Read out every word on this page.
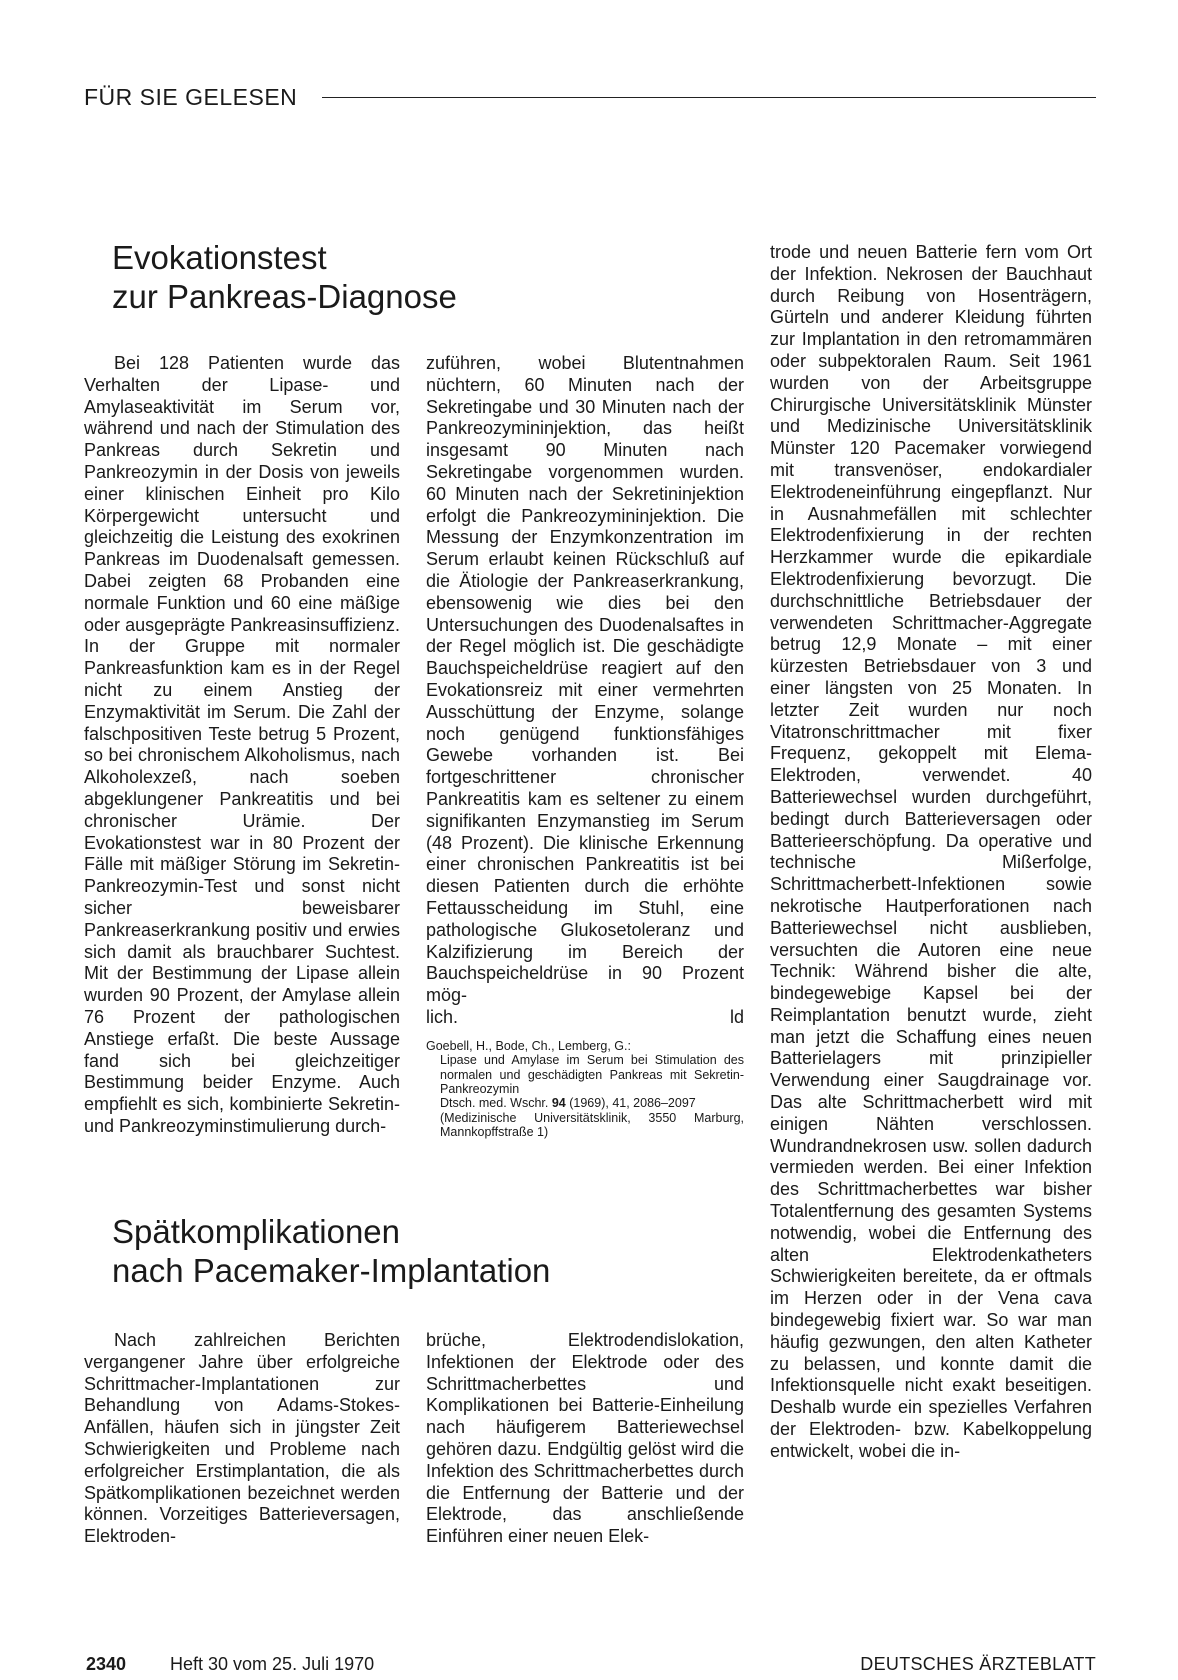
FÜR SIE GELESEN
Evokationstest
zur Pankreas-Diagnose

Bei 128 Patienten wurde das Verhalten der Lipase- und Amylaseaktivität im Serum vor, während und nach der Stimulation des Pankreas durch Sekretin und Pankreozymin in der Dosis von jeweils einer klinischen Einheit pro Kilo Körpergewicht untersucht und gleichzeitig die Leistung des exokrinen Pankreas im Duodenalsaft gemessen. Dabei zeigten 68 Probanden eine normale Funktion und 60 eine mäßige oder ausgeprägte Pankreasinsuffizienz. In der Gruppe mit normaler Pankreasfunktion kam es in der Regel nicht zu einem Anstieg der Enzymaktivität im Serum. Die Zahl der falschpositiven Teste betrug 5 Prozent, so bei chronischem Alkoholismus, nach Alkoholexzeß, nach soeben abgeklungener Pankreatitis und bei chronischer Urämie. Der Evokationstest war in 80 Prozent der Fälle mit mäßiger Störung im Sekretin-Pankreozymin-Test und sonst nicht sicher beweisbarer Pankreaserkrankung positiv und erwies sich damit als brauchbarer Suchtest. Mit der Bestimmung der Lipase allein wurden 90 Prozent, der Amylase allein 76 Prozent der pathologischen Anstiege erfaßt. Die beste Aussage fand sich bei gleichzeitiger Bestimmung beider Enzyme. Auch empfiehlt es sich, kombinierte Sekretin- und Pankreozyminstimulierung durch-

zuführen, wobei Blutentnahmen nüchtern, 60 Minuten nach der Sekretingabe und 30 Minuten nach der Pankreozymininjektion, das heißt insgesamt 90 Minuten nach Sekretingabe vorgenommen wurden. 60 Minuten nach der Sekretininjektion erfolgt die Pankreozymininjektion. Die Messung der Enzymkonzentration im Serum erlaubt keinen Rückschluß auf die Ätiologie der Pankreaserkrankung, ebensowenig wie dies bei den Untersuchungen des Duodenalsaftes in der Regel möglich ist. Die geschädigte Bauchspeicheldrüse reagiert auf den Evokationsreiz mit einer vermehrten Ausschüttung der Enzyme, solange noch genügend funktionsfähiges Gewebe vorhanden ist. Bei fortgeschrittener chronischer Pankreatitis kam es seltener zu einem signifikanten Enzymanstieg im Serum (48 Prozent). Die klinische Erkennung einer chronischen Pankreatitis ist bei diesen Patienten durch die erhöhte Fettausscheidung im Stuhl, eine pathologische Glukosetoleranz und Kalzifizierung im Bereich der Bauchspeicheldrüse in 90 Prozent mög-

lich.	ld

Goebell, H., Bode, Ch., Lemberg, G.:
Lipase und Amylase im Serum bei Stimulation des normalen und geschädigten Pankreas mit Sekretin-Pankreozymin
Dtsch. med. Wschr. 94 (1969), 41, 2086–2097
(Medizinische Universitätsklinik, 3550 Marburg, Mannkopffstraße 1)
Spätkomplikationen
nach Pacemaker-Implantation

Nach zahlreichen Berichten vergangener Jahre über erfolgreiche Schrittmacher-Implantationen zur Behandlung von Adams-Stokes-Anfällen, häufen sich in jüngster Zeit Schwierigkeiten und Probleme nach erfolgreicher Erstimplantation, die als Spätkomplikationen bezeichnet werden können. Vorzeitiges Batterieversagen, Elektroden-

brüche, Elektrodendislokation, Infektionen der Elektrode oder des Schrittmacherbettes und Komplikationen bei Batterie-Einheilung nach häufigerem Batteriewechsel gehören dazu. Endgültig gelöst wird die Infektion des Schrittmacherbettes durch die Entfernung der Batterie und der Elektrode, das anschließende Einführen einer neuen Elek-

trode und neuen Batterie fern vom Ort der Infektion. Nekrosen der Bauchhaut durch Reibung von Hosenträgern, Gürteln und anderer Kleidung führten zur Implantation in den retromammären oder subpektoralen Raum. Seit 1961 wurden von der Arbeitsgruppe Chirurgische Universitätsklinik Münster und Medizinische Universitätsklinik Münster 120 Pacemaker vorwiegend mit transvenöser, endokardialer Elektrodeneinführung eingepflanzt. Nur in Ausnahmefällen mit schlechter Elektrodenfixierung in der rechten Herzkammer wurde die epikardiale Elektrodenfixierung bevorzugt. Die durchschnittliche Betriebsdauer der verwendeten Schrittmacher-Aggregate betrug 12,9 Monate – mit einer kürzesten Betriebsdauer von 3 und einer längsten von 25 Monaten. In letzter Zeit wurden nur noch Vitatronschrittmacher mit fixer Frequenz, gekoppelt mit Elema-Elektroden, verwendet. 40 Batteriewechsel wurden durchgeführt, bedingt durch Batterieversagen oder Batterieerschöpfung. Da operative und technische Mißerfolge, Schrittmacherbett-Infektionen sowie nekrotische Hautperforationen nach Batteriewechsel nicht ausblieben, versuchten die Autoren eine neue Technik: Während bisher die alte, bindegewebige Kapsel bei der Reimplantation benutzt wurde, zieht man jetzt die Schaffung eines neuen Batterielagers mit prinzipieller Verwendung einer Saugdrainage vor. Das alte Schrittmacherbett wird mit einigen Nähten verschlossen. Wundrandnekrosen usw. sollen dadurch vermieden werden. Bei einer Infektion des Schrittmacherbettes war bisher Totalentfernung des gesamten Systems notwendig, wobei die Entfernung des alten Elektrodenkatheters Schwierigkeiten bereitete, da er oftmals im Herzen oder in der Vena cava bindegewebig fixiert war. So war man häufig gezwungen, den alten Katheter zu belassen, und konnte damit die Infektionsquelle nicht exakt beseitigen. Deshalb wurde ein spezielles Verfahren der Elektroden- bzw. Kabelkoppelung entwickelt, wobei die in-

2340 Heft 30 vom 25. Juli 1970	DEUTSCHES ÄRZTEBLATT
